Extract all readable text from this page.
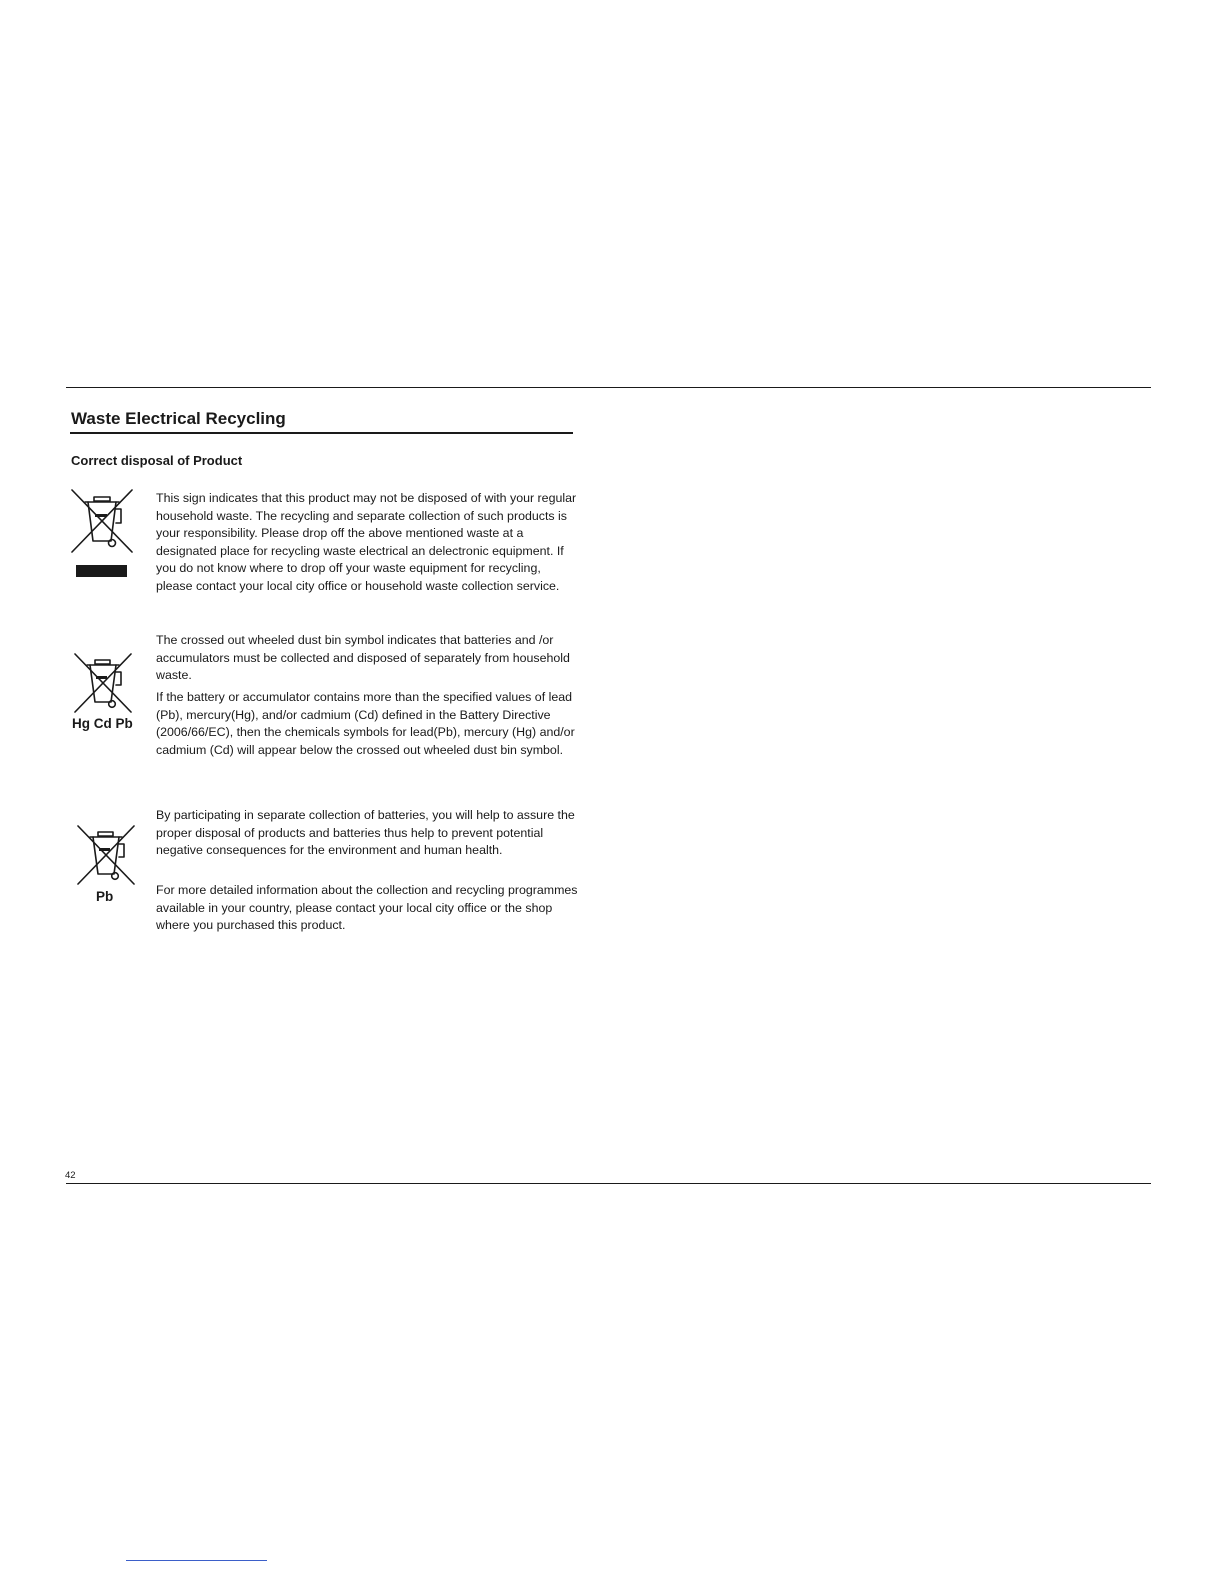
Waste Electrical Recycling
Correct disposal of Product

This sign indicates that this product may not be disposed of with your regular household waste. The recycling and separate collection of such products is your responsibility. Please drop off the above mentioned waste at a designated place for recycling waste electrical an delectronic equipment. If you do not know where to drop off your waste equipment for recycling, please contact your local city office or household waste collection service.

Hg Cd Pb

The crossed out wheeled dust bin symbol indicates that batteries and /or accumulators must be collected and disposed of separately from household waste.

If the battery or accumulator contains more than the specified values of lead (Pb), mercury(Hg), and/or cadmium (Cd) defined in the Battery Directive (2006/66/EC), then the chemicals symbols for lead(Pb), mercury (Hg) and/or cadmium (Cd) will appear below the crossed out wheeled dust bin symbol.

Pb

By participating in separate collection of batteries, you will help to assure the proper disposal of products and batteries thus help to prevent potential negative consequences for the environment and human health.

For more detailed information about the collection and recycling programmes available in your country, please contact your local city office or the shop where you purchased this product.

42
